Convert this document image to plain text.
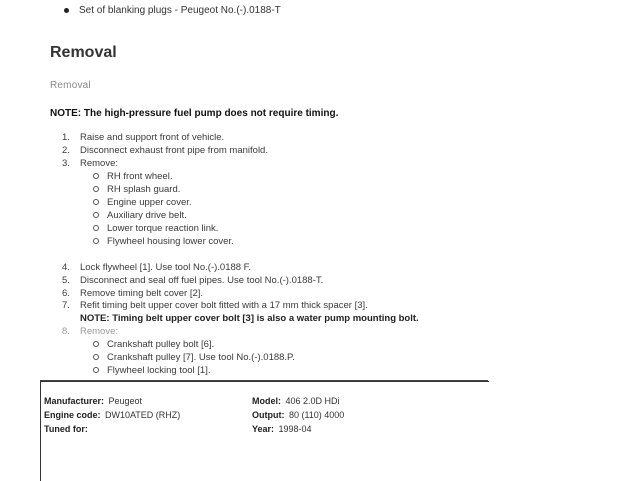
Set of blanking plugs - Peugeot No.(-).0188-T
Removal
Removal
NOTE: The high-pressure fuel pump does not require timing.
1. Raise and support front of vehicle.
2. Disconnect exhaust front pipe from manifold.
3. Remove:
RH front wheel.
RH splash guard.
Engine upper cover.
Auxiliary drive belt.
Lower torque reaction link.
Flywheel housing lower cover.
4. Lock flywheel [1]. Use tool No.(-).0188 F.
5. Disconnect and seal off fuel pipes. Use tool No.(-).0188-T.
6. Remove timing belt cover [2].
7. Refit timing belt upper cover bolt fitted with a 17 mm thick spacer [3].
NOTE: Timing belt upper cover bolt [3] is also a water pump mounting bolt.
8. Remove:
Crankshaft pulley bolt [6].
Crankshaft pulley [7]. Use tool No.(-).0188.P.
Flywheel locking tool [1].
Manufacturer: Peugeot
Engine code: DW10ATED (RHZ)
Tuned for:
Model: 406 2.0D HDi
Output: 80 (110) 4000
Year: 1998-04
